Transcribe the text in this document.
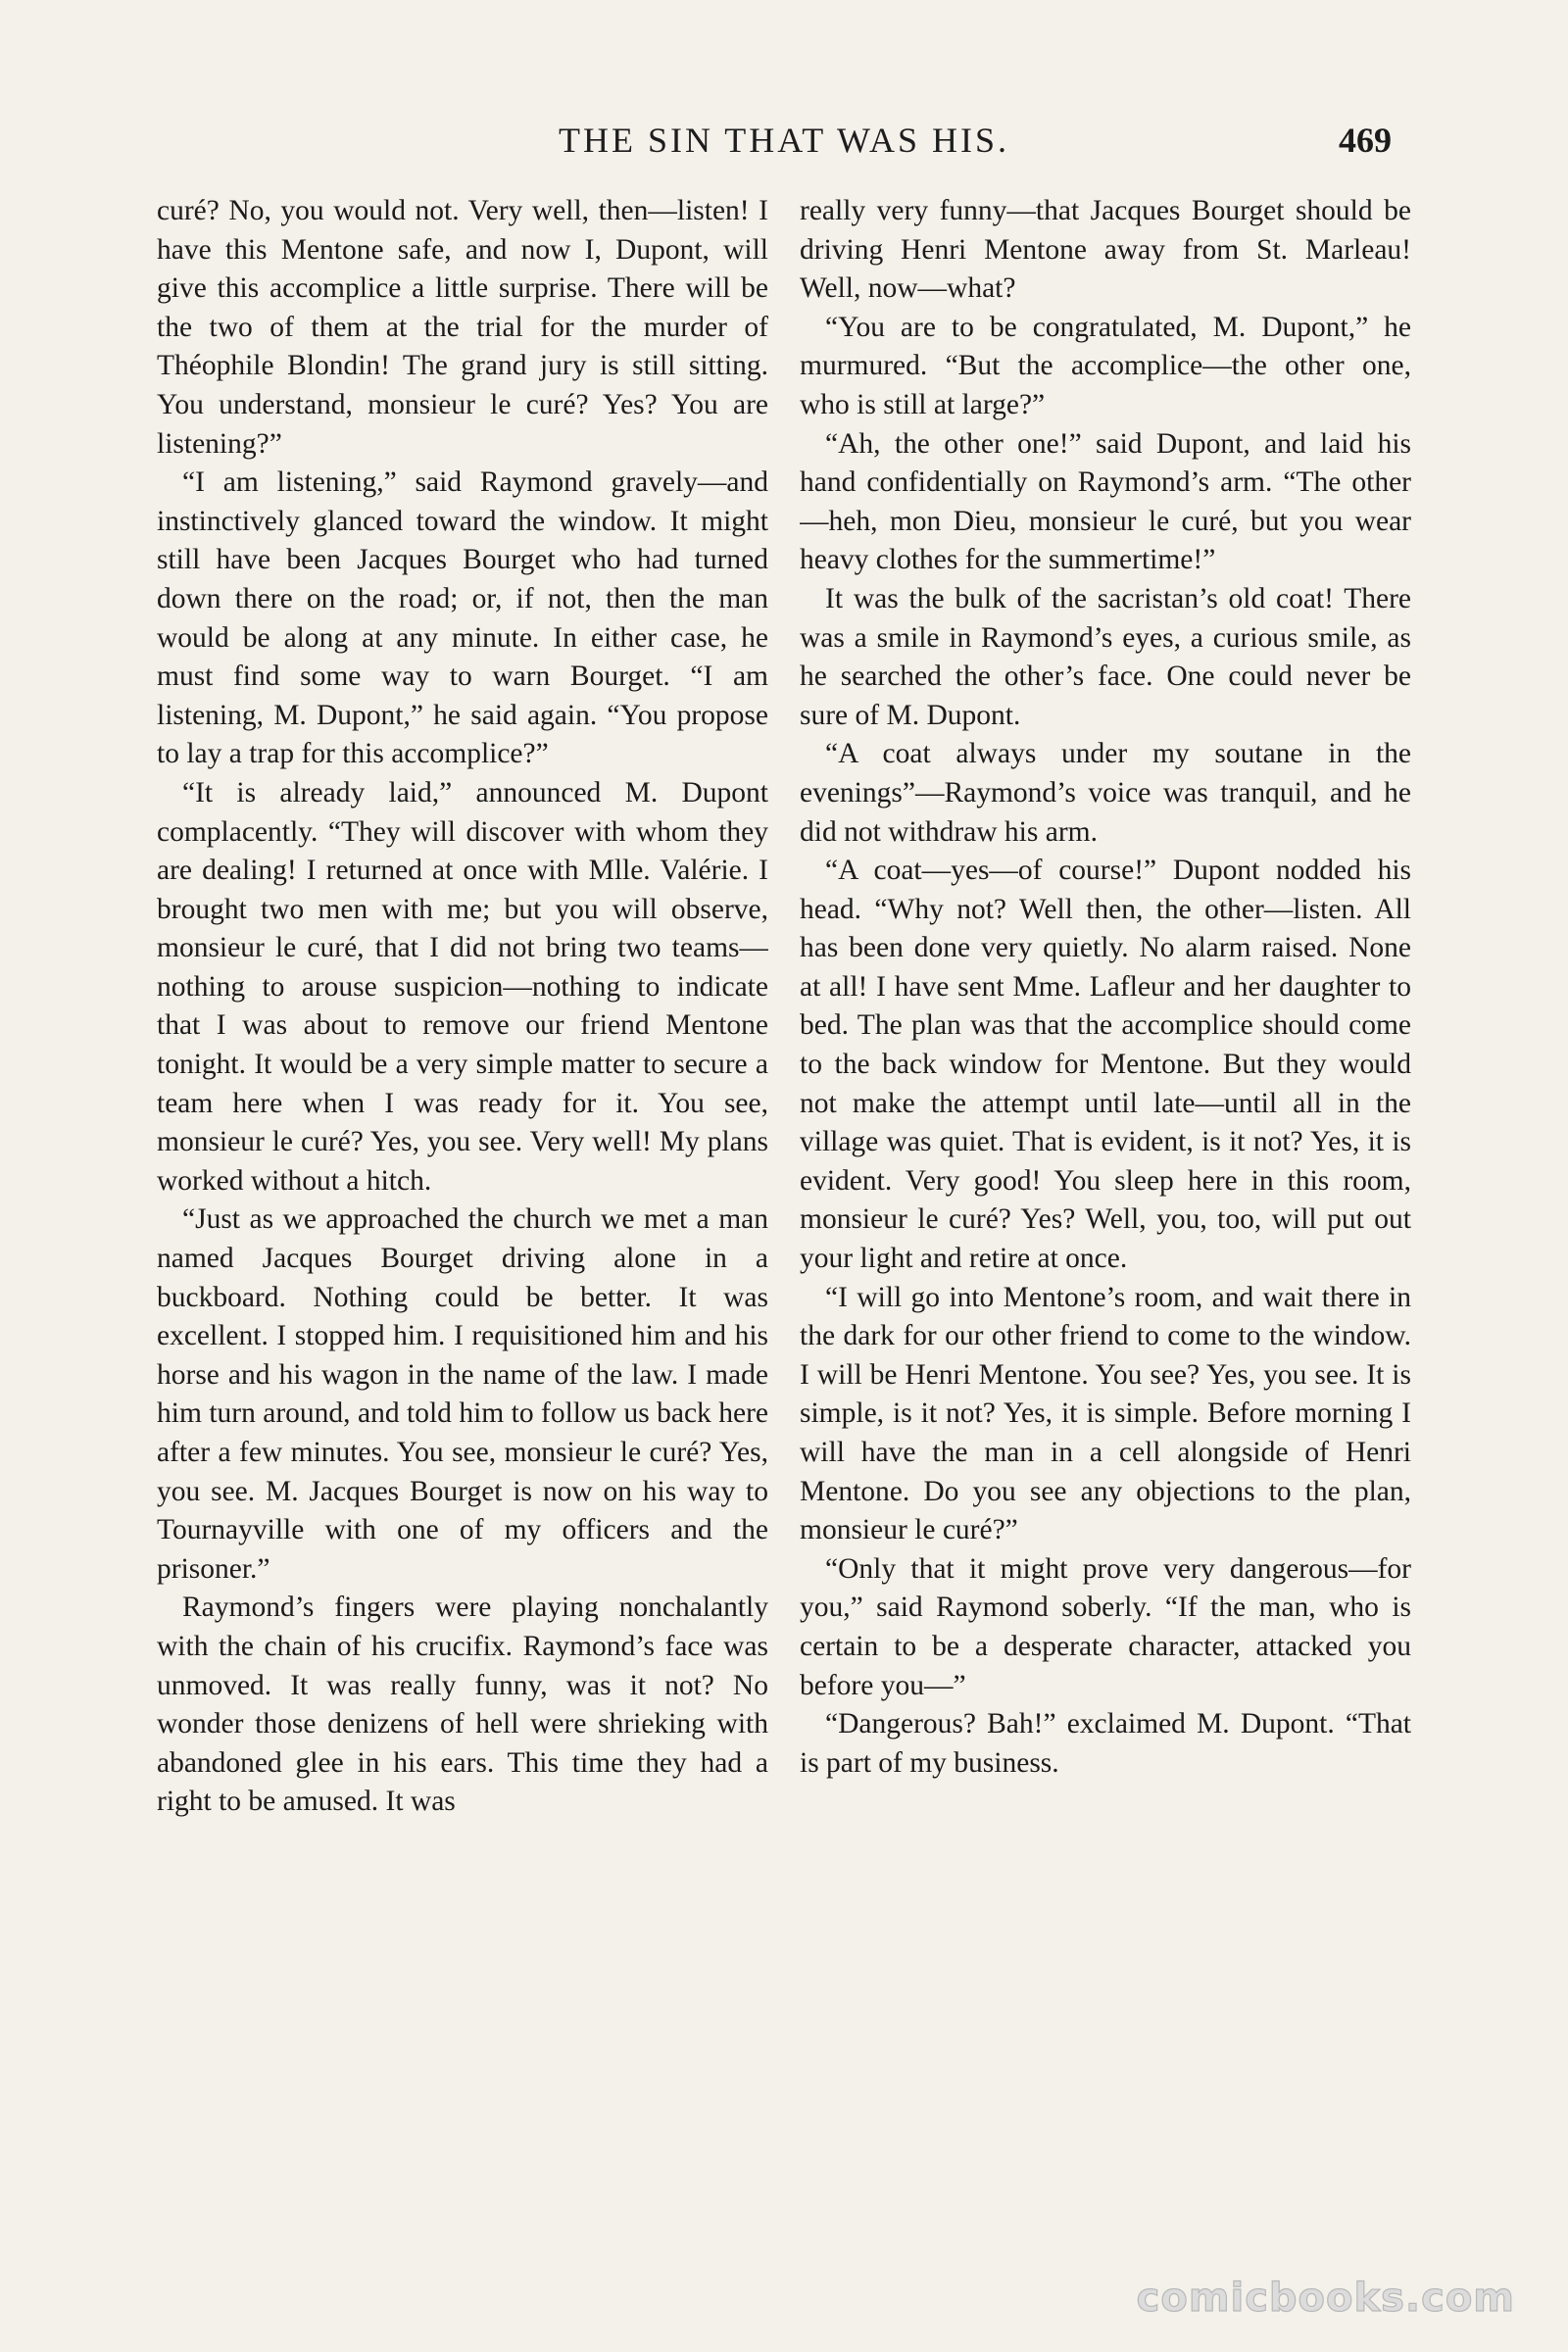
THE SIN THAT WAS HIS.	469

curé? No, you would not. Very well, then—listen! I have this Mentone safe, and now I, Dupont, will give this accomplice a little surprise. There will be the two of them at the trial for the murder of Théophile Blondin! The grand jury is still sitting. You understand, monsieur le curé? Yes? You are listening?”

“I am listening,” said Raymond gravely—and instinctively glanced toward the window. It might still have been Jacques Bourget who had turned down there on the road; or, if not, then the man would be along at any minute. In either case, he must find some way to warn Bourget. “I am listening, M. Dupont,” he said again. “You propose to lay a trap for this accomplice?”

“It is already laid,” announced M. Dupont complacently. “They will discover with whom they are dealing! I returned at once with Mlle. Valérie. I brought two men with me; but you will observe, monsieur le curé, that I did not bring two teams—nothing to arouse suspicion—nothing to indicate that I was about to remove our friend Mentone tonight. It would be a very simple matter to secure a team here when I was ready for it. You see, monsieur le curé? Yes, you see. Very well! My plans worked without a hitch.

“Just as we approached the church we met a man named Jacques Bourget driving alone in a buckboard. Nothing could be better. It was excellent. I stopped him. I requisitioned him and his horse and his wagon in the name of the law. I made him turn around, and told him to follow us back here after a few minutes. You see, monsieur le curé? Yes, you see. M. Jacques Bourget is now on his way to Tournayville with one of my officers and the prisoner.”

Raymond’s fingers were playing nonchalantly with the chain of his crucifix. Raymond’s face was unmoved. It was really funny, was it not? No wonder those denizens of hell were shrieking with abandoned glee in his ears. This time they had a right to be amused. It was

really very funny—that Jacques Bourget should be driving Henri Mentone away from St. Marleau! Well, now—what?

“You are to be congratulated, M. Dupont,” he murmured. “But the accomplice—the other one, who is still at large?”

“Ah, the other one!” said Dupont, and laid his hand confidentially on Raymond’s arm. “The other—heh, mon Dieu, monsieur le curé, but you wear heavy clothes for the summertime!”

It was the bulk of the sacristan’s old coat! There was a smile in Raymond’s eyes, a curious smile, as he searched the other’s face. One could never be sure of M. Dupont.

“A coat always under my soutane in the evenings”—Raymond’s voice was tranquil, and he did not withdraw his arm.

“A coat—yes—of course!” Dupont nodded his head. “Why not? Well then, the other—listen. All has been done very quietly. No alarm raised. None at all! I have sent Mme. Lafleur and her daughter to bed. The plan was that the accomplice should come to the back window for Mentone. But they would not make the attempt until late—until all in the village was quiet. That is evident, is it not? Yes, it is evident. Very good! You sleep here in this room, monsieur le curé? Yes? Well, you, too, will put out your light and retire at once.

“I will go into Mentone’s room, and wait there in the dark for our other friend to come to the window. I will be Henri Mentone. You see? Yes, you see. It is simple, is it not? Yes, it is simple. Before morning I will have the man in a cell alongside of Henri Mentone. Do you see any objections to the plan, monsieur le curé?”

“Only that it might prove very dangerous—for you,” said Raymond soberly. “If the man, who is certain to be a desperate character, attacked you before you—”

“Dangerous? Bah!” exclaimed M. Dupont. “That is part of my business.

comicbooks.com
